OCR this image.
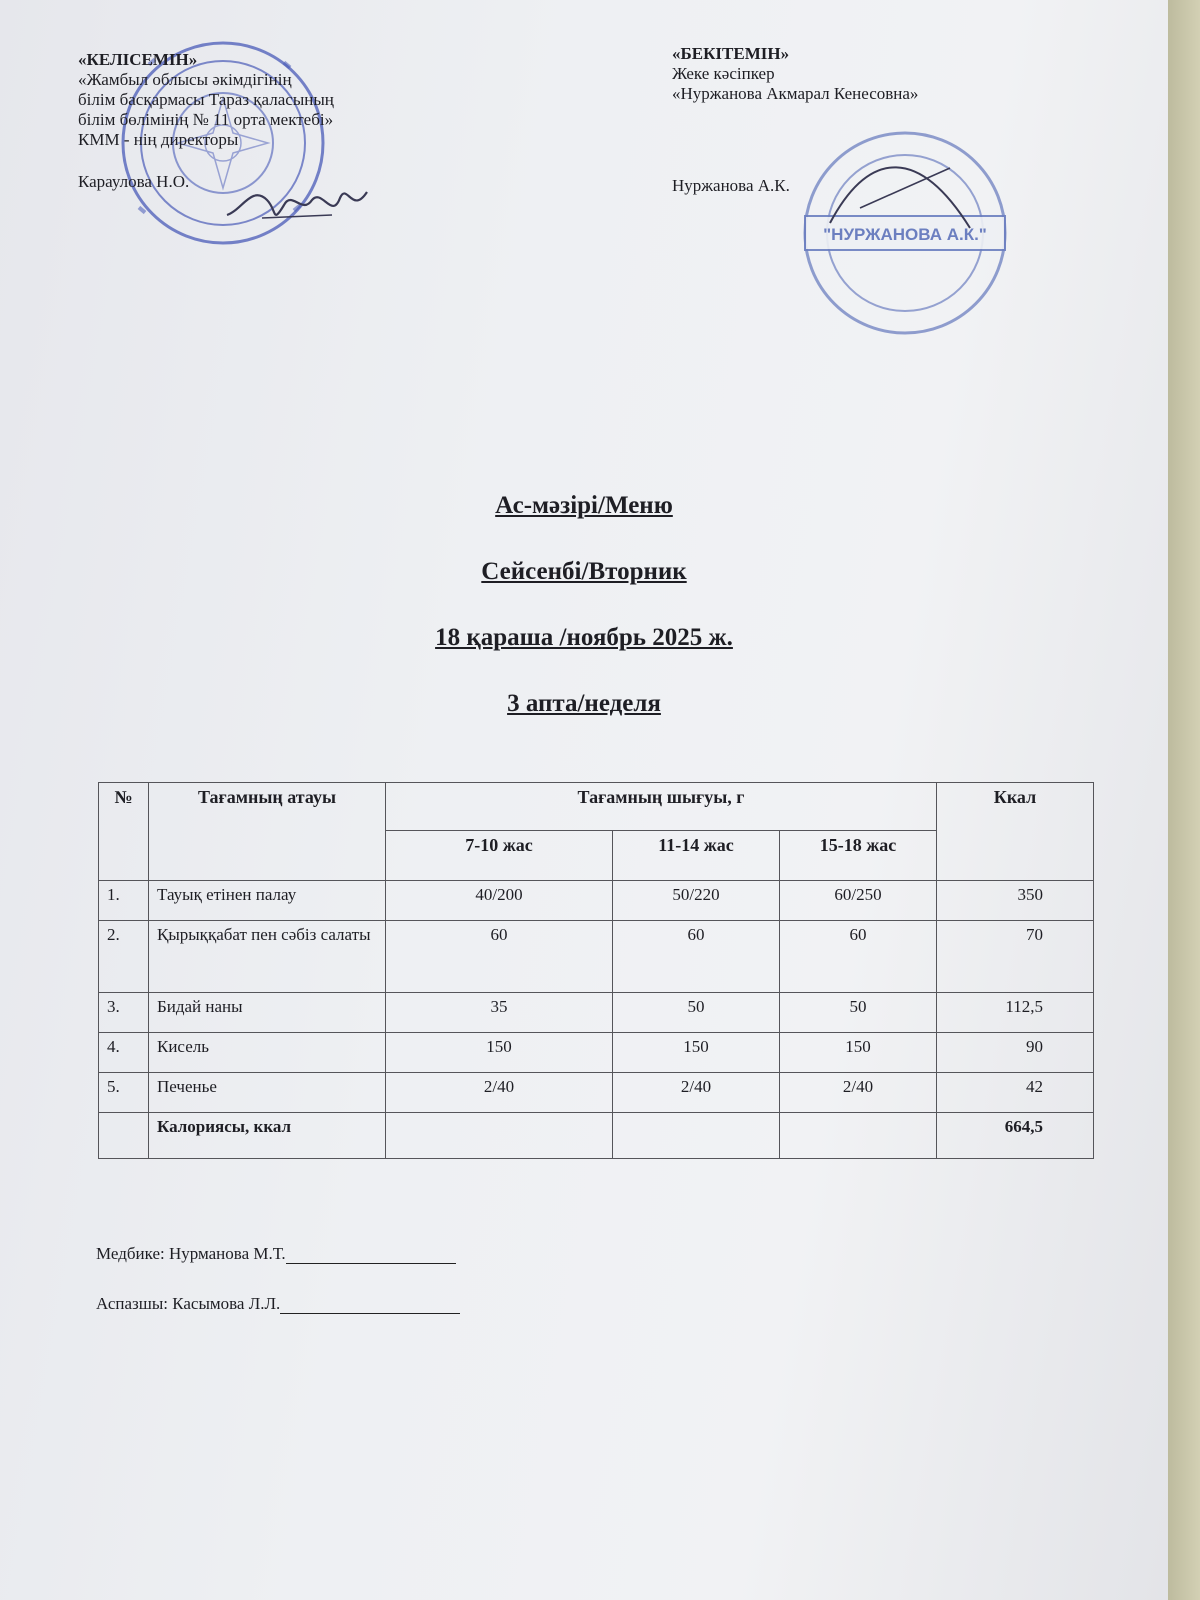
"НУРЖАНОВА А.К."
«КЕЛІСЕМІН»
«Жамбыл облысы әкімдігінің
білім басқармасы Тараз қаласының
білім бөлімінің № 11 орта мектебі»
КММ - нің директоры
Караулова Н.О.
«БЕКІТЕМІН»
Жеке кәсіпкер
«Нуржанова Акмарал Кенесовна»
Нуржанова А.К.
Ас-мәзірі/Меню
Сейсенбі/Вторник
18 қараша /ноябрь 2025 ж.
3 апта/неделя
№	Тағамның атауы	Тағамның шығуы, г			Ккал
		7-10 жас	11-14 жас	15-18 жас	
1.	Тауық етінен палау	40/200	50/220	60/250	350
2.	Қырыққабат пен сәбіз салаты	60	60	60	70
3.	Бидай наны	35	50	50	112,5
4.	Кисель	150	150	150	90
5.	Печенье	2/40	2/40	2/40	42
	Калориясы, ккал				664,5
Медбике: Нурманова М.Т.
Аспазшы: Касымова Л.Л.
